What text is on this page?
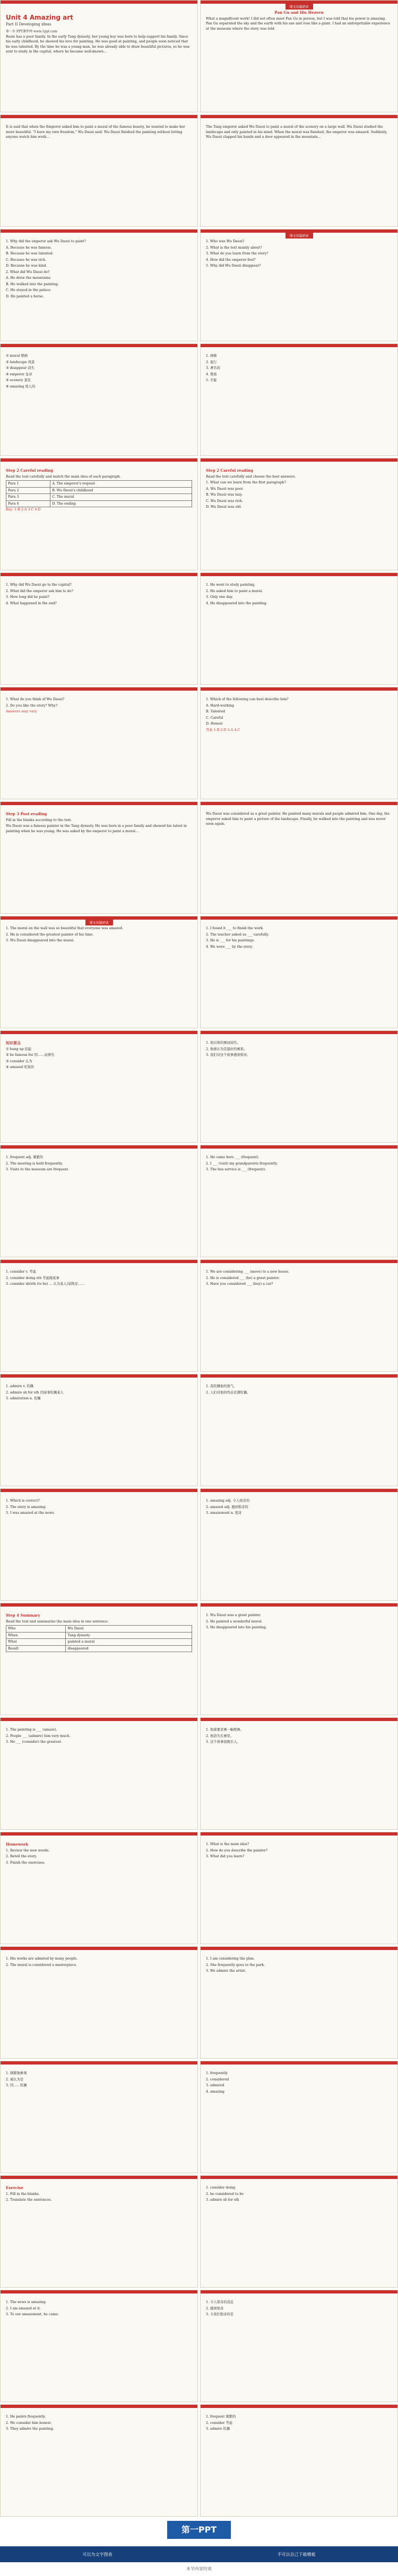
Unit 4 Amazing art
Part II Developing ideas
第一步 PPT课件网 www.1ppt.com

Rosie has a poor family. In the early Tang dynasty, her young boy was born to help support his family. Since his early childhood, he showed his love for painting. He was good at painting, and people soon noticed that he was talented. By the time he was a young man, he was already able to draw beautiful pictures, so he was sent to study in the capital, where he became well-known...

课文语篇研读

Pan Gu and His Heaven

What a magnificent work! I did not often meet Pan Gu in person, but I was told that his power is amazing. Pan Gu separated the sky and the earth with his axe and rose like a giant. I had an unforgettable experience at the museum where the story was told.

It is said that when the Emperor asked him to paint a mural of the famous beauty, he wanted to make her more beautiful. "I have my own freedom," Wu Daozi said. Wu Daozi finished the painting without letting anyone watch him work...

The Tang emperor asked Wu Daozi to paint a mural of the scenery on a large wall. Wu Daozi studied the landscape and only painted in his mind. When the mural was finished, the emperor was amazed. Suddenly, Wu Daozi clapped his hands and a door appeared in the mountain...

1. Why did the emperor ask Wu Daozi to paint?

A. Because he was famous.

B. Because he was talented.

C. Because he was rich.

D. Because he was kind.

2. What did Wu Daozi do?

A. He drew the mountains.

B. He walked into the painting.

C. He stayed in the palace.

D. He painted a horse.

课文语篇研读

1. Who was Wu Daozi?

2. What is the text mainly about?

3. What do you learn from the story?

4. How did the emperor feel?

5. Why did Wu Daozi disappear?

① mural 壁画

② landscape 风景

③ disappear 消失

④ emperor 皇帝

⑤ scenery 景色

⑥ amazing 惊人的

1. 画像

2. 旅行

3. 著名的

4. 赞扬

5. 才能

Step 2 Careful reading

Read the text carefully and match the main idea of each paragraph.

Para 1	A. The emperor's request
Para 2	B. Wu Daozi's childhood
Para 3	C. The mural
Para 4	D. The ending

Key: 1-B 2-A 3-C 4-D

Step 2 Careful reading

Read the text carefully and choose the best answers.

1. What can we learn from the first paragraph?

A. Wu Daozi was poor.

B. Wu Daozi was lazy.

C. Wu Daozi was rich.

D. Wu Daozi was old.

1. Why did Wu Daozi go to the capital?

2. What did the emperor ask him to do?

3. How long did he paint?

4. What happened in the end?

1. He went to study painting.

2. He asked him to paint a mural.

3. Only one day.

4. He disappeared into the painting.

1. What do you think of Wu Daozi?

2. Do you like the story? Why?

Answers may vary.

1. Which of the following can best describe him?

A. Hard-working

B. Talented

C. Careful

D. Honest

答案 1-B 2-D 3-A 4-C

Step 3 Post-reading

Fill in the blanks according to the text.

Wu Daozi was a famous painter in the Tang dynasty. He was born in a poor family and showed his talent in painting when he was young. He was asked by the emperor to paint a mural...

Wu Daozi was considered as a great painter. He painted many murals and people admired him. One day, the emperor asked him to paint a picture of the landscape. Finally, he walked into the painting and was never seen again.

课文语篇研读

1. The mural on the wall was so beautiful that everyone was amazed.

2. He is considered the greatest painter of his time.

3. Wu Daozi disappeared into the mural.

1. I found it ___ to finish the work.

2. The teacher asked us ___ carefully.

3. He is ___ for his paintings.

4. We were ___ by the story.

知识要点

① hang up 挂起

② be famous for 因……而著名

③ consider 认为

④ amazed 吃惊的

1. 他以他的画而闻名。

2. 他被认为是最好的画家。

3. 我们对这个故事感到惊讶。

1. frequent adj. 频繁的

2. The meeting is held frequently.

3. Visits to the museum are frequent.

1. He came here ___ (frequent).

2. I ___ (visit) my grandparents frequently.

3. The bus service is ___ (frequent).

1. consider v. 考虑

2. consider doing sth 考虑做某事

3. consider sb/sth (to be) ... 认为某人/某物是……

1. We are considering ___ (move) to a new house.

2. He is considered ___ (be) a great painter.

3. Have you considered ___ (buy) a car?

1. admire v. 钦佩

2. admire sb for sth 因某事钦佩某人

3. admiration n. 钦佩

1. 我钦佩他的勇气。

2. 人们对他的作品充满钦佩。

1. Which is correct?

2. The story is amazing.

3. I was amazed at the news.

1. amazing adj. 令人惊奇的

2. amazed adj. 感到惊奇的

3. amazement n. 惊奇

Step 4 Summary

Read the text and summarize the main idea in one sentence.

Who	Wu Daozi
When	Tang dynasty
What	painted a mural
Result	disappeared

1. Wu Daozi was a great painter.

2. He painted a wonderful mural.

3. He disappeared into his painting.

1. The painting is ___ (amaze).

2. People ___ (admire) him very much.

3. He ___ (consider) the greatest.

1. 他被要求画一幅壁画。

2. 他消失在画里。

3. 这个故事很吸引人。

Homework

1. Review the new words.

2. Retell the story.

3. Finish the exercises.

1. What is the main idea?

2. How do you describe the painter?

3. What did you learn?

1. His works are admired by many people.

2. The mural is considered a masterpiece.

1. I am considering the plan.

2. She frequently goes to the park.

3. We admire the artist.

1. 频繁地参观

2. 被认为是

3. 因……钦佩

1. frequently

2. considered

3. admired

4. amazing

Exercise

1. Fill in the blanks.

2. Translate the sentences.

1. consider doing

2. be considered to be

3. admire sb for sth

1. The news is amazing.

2. I am amazed at it.

3. To our amazement, he came.

1. 令人惊奇的消息

2. 感到惊奇

3. 令我们惊奇的是

1. He paints frequently.

2. We consider him honest.

3. They admire the painting.

1. frequent 频繁的

2. consider 考虑

3. admire 钦佩

第一PPT
可以为文字图表	不可以自己下载模板
本节内容结束
